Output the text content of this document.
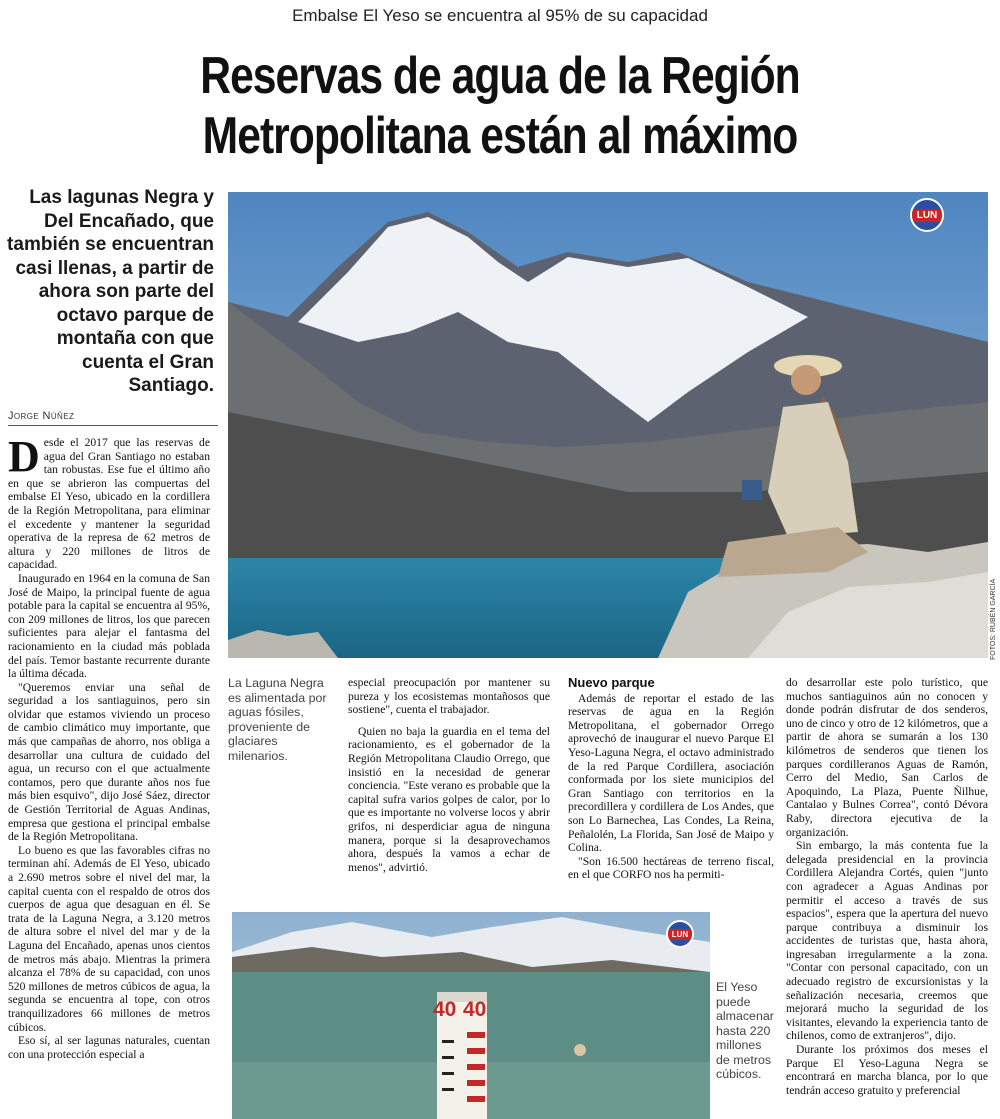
Embalse El Yeso se encuentra al 95% de su capacidad
Reservas de agua de la Región
Metropolitana están al máximo
Las lagunas Negra y Del Encañado, que también se encuentran casi llenas, a partir de ahora son parte del octavo parque de montaña con que cuenta el Gran Santiago.
Jorge Núñez
LUN
FOTOS: RUBÉN GARCÍA

Desde el 2017 que las reservas de agua del Gran Santiago no estaban tan robustas. Ese fue el último año en que se abrieron las compuertas del embalse El Yeso, ubicado en la cordillera de la Región Metropolitana, para eliminar el excedente y mantener la seguridad operativa de la represa de 62 metros de altura y 220 millones de litros de capacidad.

Inaugurado en 1964 en la comuna de San José de Maipo, la principal fuente de agua potable para la capital se encuentra al 95%, con 209 millones de litros, los que parecen suficientes para alejar el fantasma del racionamiento en la ciudad más poblada del país. Temor bastante recurrente durante la última década.

"Queremos enviar una señal de seguridad a los santiaguinos, pero sin olvidar que estamos viviendo un proceso de cambio climático muy importante, que más que campañas de ahorro, nos obliga a desarrollar una cultura de cuidado del agua, un recurso con el que actualmente contamos, pero que durante años nos fue más bien esquivo", dijo José Sáez, director de Gestión Territorial de Aguas Andinas, empresa que gestiona el principal embalse de la Región Metropolitana.

Lo bueno es que las favorables cifras no terminan ahí. Además de El Yeso, ubicado a 2.690 metros sobre el nivel del mar, la capital cuenta con el respaldo de otros dos cuerpos de agua que desaguan en él. Se trata de la Laguna Negra, a 3.120 metros de altura sobre el nivel del mar y de la Laguna del Encañado, apenas unos cientos de metros más abajo. Mientras la primera alcanza el 78% de su capacidad, con unos 520 millones de metros cúbicos de agua, la segunda se encuentra al tope, con otros tranquilizadores 66 millones de metros cúbicos.

Eso sí, al ser lagunas naturales, cuentan con una protección especial a

La Laguna Negra es alimentada por aguas fósiles, proveniente de glaciares milenarios.

especial preocupación por mantener su pureza y los ecosistemas montañosos que sostiene", cuenta el trabajador.

Quien no baja la guardia en el tema del racionamiento, es el gobernador de la Región Metropolitana Claudio Orrego, que insistió en la necesidad de generar conciencia. "Este verano es probable que la capital sufra varios golpes de calor, por lo que es importante no volverse locos y abrir grifos, ni desperdiciar agua de ninguna manera, porque si la desaprovechamos ahora, después la vamos a echar de menos", advirtió.

Nuevo parque

Además de reportar el estado de las reservas de agua en la Región Metropolitana, el gobernador Orrego aprovechó de inaugurar el nuevo Parque El Yeso-Laguna Negra, el octavo administrado de la red Parque Cordillera, asociación conformada por los siete municipios del Gran Santiago con territorios en la precordillera y cordillera de Los Andes, que son Lo Barnechea, Las Condes, La Reina, Peñalolén, La Florida, San José de Maipo y Colina.

"Son 16.500 hectáreas de terreno fiscal, en el que CORFO nos ha permiti-

40 40
LUN
El Yeso puede almacenar hasta 220 millones de metros cúbicos.

do desarrollar este polo turístico, que muchos santiaguinos aún no conocen y donde podrán disfrutar de dos senderos, uno de cinco y otro de 12 kilómetros, que a partir de ahora se sumarán a los 130 kilómetros de senderos que tienen los parques cordilleranos Aguas de Ramón, Cerro del Medio, San Carlos de Apoquindo, La Plaza, Puente Ñilhue, Cantalao y Bulnes Correa", contó Dévora Raby, directora ejecutiva de la organización.

Sin embargo, la más contenta fue la delegada presidencial en la provincia Cordillera Alejandra Cortés, quien "junto con agradecer a Aguas Andinas por permitir el acceso a través de sus espacios", espera que la apertura del nuevo parque contribuya a disminuir los accidentes de turistas que, hasta ahora, ingresaban irregularmente a la zona. "Contar con personal capacitado, con un adecuado registro de excursionistas y la señalización necesaria, creemos que mejorará mucho la seguridad de los visitantes, elevando la experiencia tanto de chilenos, como de extranjeros", dijo.

Durante los próximos dos meses el Parque El Yeso-Laguna Negra se encontrará en marcha blanca, por lo que tendrán acceso gratuito y preferencial
